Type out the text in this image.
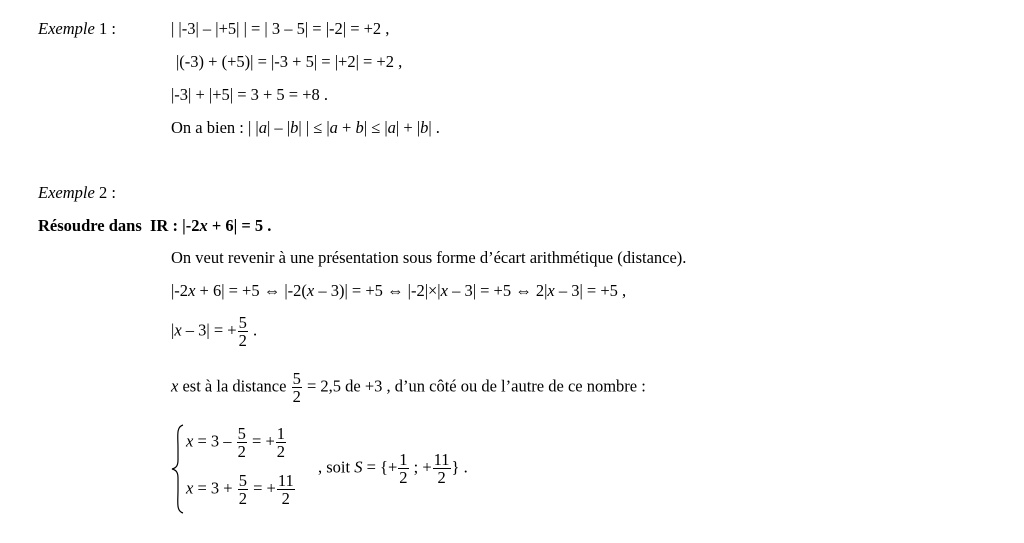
Exemple 1 :	| |-3| – |+5| | = | 3 – 5| = |-2| = +2 ,
|(-3) + (+5)| = |-3 + 5| = |+2| = +2 ,
|-3| + |+5| = 3 + 5 = +8 .
On a bien : | |a| – |b| | ≤ |a + b| ≤ |a| + |b| .
Exemple 2 :
Résoudre dans IR : |-2x + 6| = 5 .
On veut revenir à une présentation sous forme d’écart arithmétique (distance).
|-2x + 6| = +5 ⇔ |-2(x – 3)| = +5 ⇔ |-2|×|x – 3| = +5 ⇔ 2|x – 3| = +5 ,
|x – 3| = + $\frac{5}{2}$ .
x est à la distance $\frac{5}{2} = 2,5$ de +3 , d’un côté ou de l’autre de ce nombre :
$x = 3 - \frac{5}{2}$ = + $\frac{1}{2}$
$x = 3 + \frac{5}{2}$ = + $\frac{11}{2}$
, soit S = {+ $\frac{1}{2}$ ; + $\frac{11}{2}$ } .
